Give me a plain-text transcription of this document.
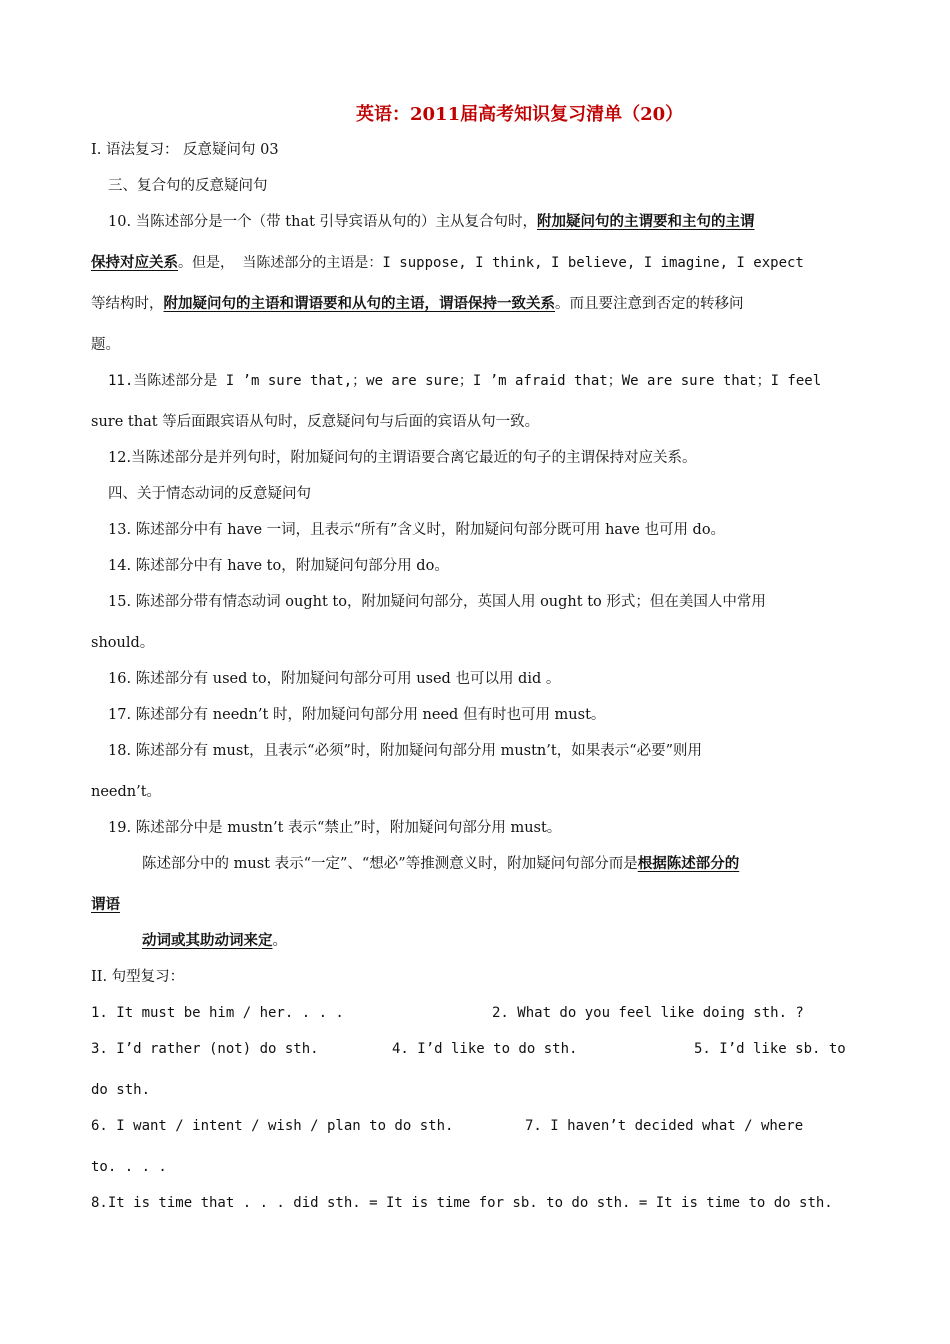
英语：2011届高考知识复习清单（20）
I. 语法复习： 反意疑问句 03
三、复合句的反意疑问句
10. 当陈述部分是一个（带 that 引导宾语从句的）主从复合句时，附加疑问句的主谓要和主句的主谓
保持对应关系。但是， 当陈述部分的主语是：I suppose, I think, I believe, I imagine, I expect
等结构时，附加疑问句的主语和谓语要和从句的主语，谓语保持一致关系。而且要注意到否定的转移问
题。
11.当陈述部分是 I ’m sure that,；we are sure；I ’m afraid that；We are sure that；I feel
sure that 等后面跟宾语从句时，反意疑问句与后面的宾语从句一致。
12.当陈述部分是并列句时，附加疑问句的主谓语要合离它最近的句子的主谓保持对应关系。
四、关于情态动词的反意疑问句
13. 陈述部分中有 have 一词，且表示“所有”含义时，附加疑问句部分既可用 have 也可用 do。
14. 陈述部分中有 have to，附加疑问句部分用 do。
15. 陈述部分带有情态动词 ought to，附加疑问句部分，英国人用 ought to 形式；但在美国人中常用
should。
16. 陈述部分有 used to，附加疑问句部分可用 used 也可以用 did 。
17. 陈述部分有 needn’t 时，附加疑问句部分用 need 但有时也可用 must。
18. 陈述部分有 must，且表示“必须”时，附加疑问句部分用 mustn’t，如果表示“必要”则用
needn’t。
19. 陈述部分中是 mustn’t 表示“禁止”时，附加疑问句部分用 must。
陈述部分中的 must 表示“一定”、“想必”等推测意义时，附加疑问句部分而是根据陈述部分的
谓语
动词或其助动词来定。
II. 句型复习：
1. It must be him / her. . . .	2. What do you feel like doing sth. ?
3. I’d rather (not) do sth.	4. I’d like to do sth.	5. I’d like sb. to
do sth.
6. I want / intent / wish / plan to do sth.	7. I haven’t decided what / where
to. . . .
8.It is time that . . . did sth. = It is time for sb. to do sth. = It is time to do sth.
